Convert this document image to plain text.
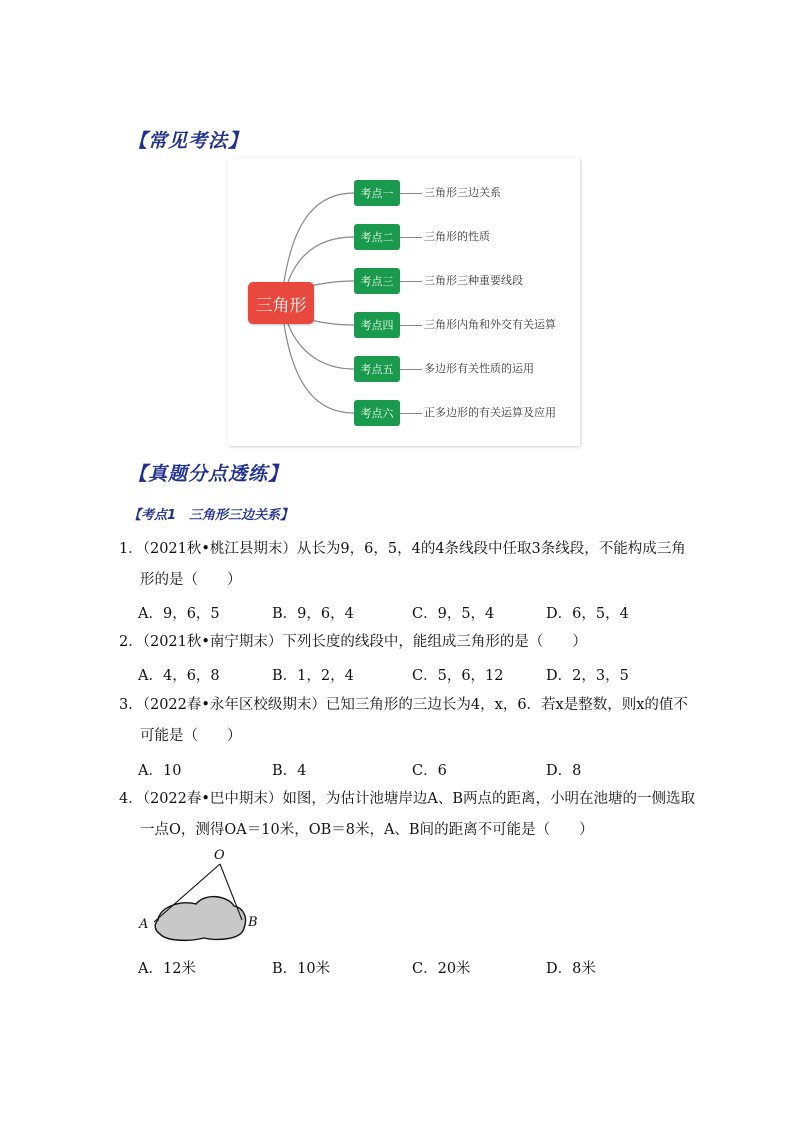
【常见考法】
三角形
考点一	三角形三边关系
考点二	三角形的性质
考点三	三角形三种重要线段
考点四	三角形内角和外交有关运算
考点五	多边形有关性质的运用
考点六	正多边形的有关运算及应用
【真题分点透练】
【考点1　三角形三边关系】
1．（2021秋•桃江县期末）从长为9，6，5，4的4条线段中任取3条线段，不能构成三角
形的是（　　）
A．9，6，5	B．9，6，4	C．9，5，4	D．6，5，4
2．（2021秋•南宁期末）下列长度的线段中，能组成三角形的是（　　）
A．4，6，8	B．1，2，4	C．5，6，12	D．2，3，5
3．（2022春•永年区校级期末）已知三角形的三边长为4，x，6．若x是整数，则x的值不
可能是（　　）
A．10	B．4	C．6	D．8
4．（2022春•巴中期末）如图，为估计池塘岸边A、B两点的距离，小明在池塘的一侧选取
一点O，测得OA＝10米，OB＝8米，A、B间的距离不可能是（　　）
O
A	B
A．12米	B．10米	C．20米	D．8米
